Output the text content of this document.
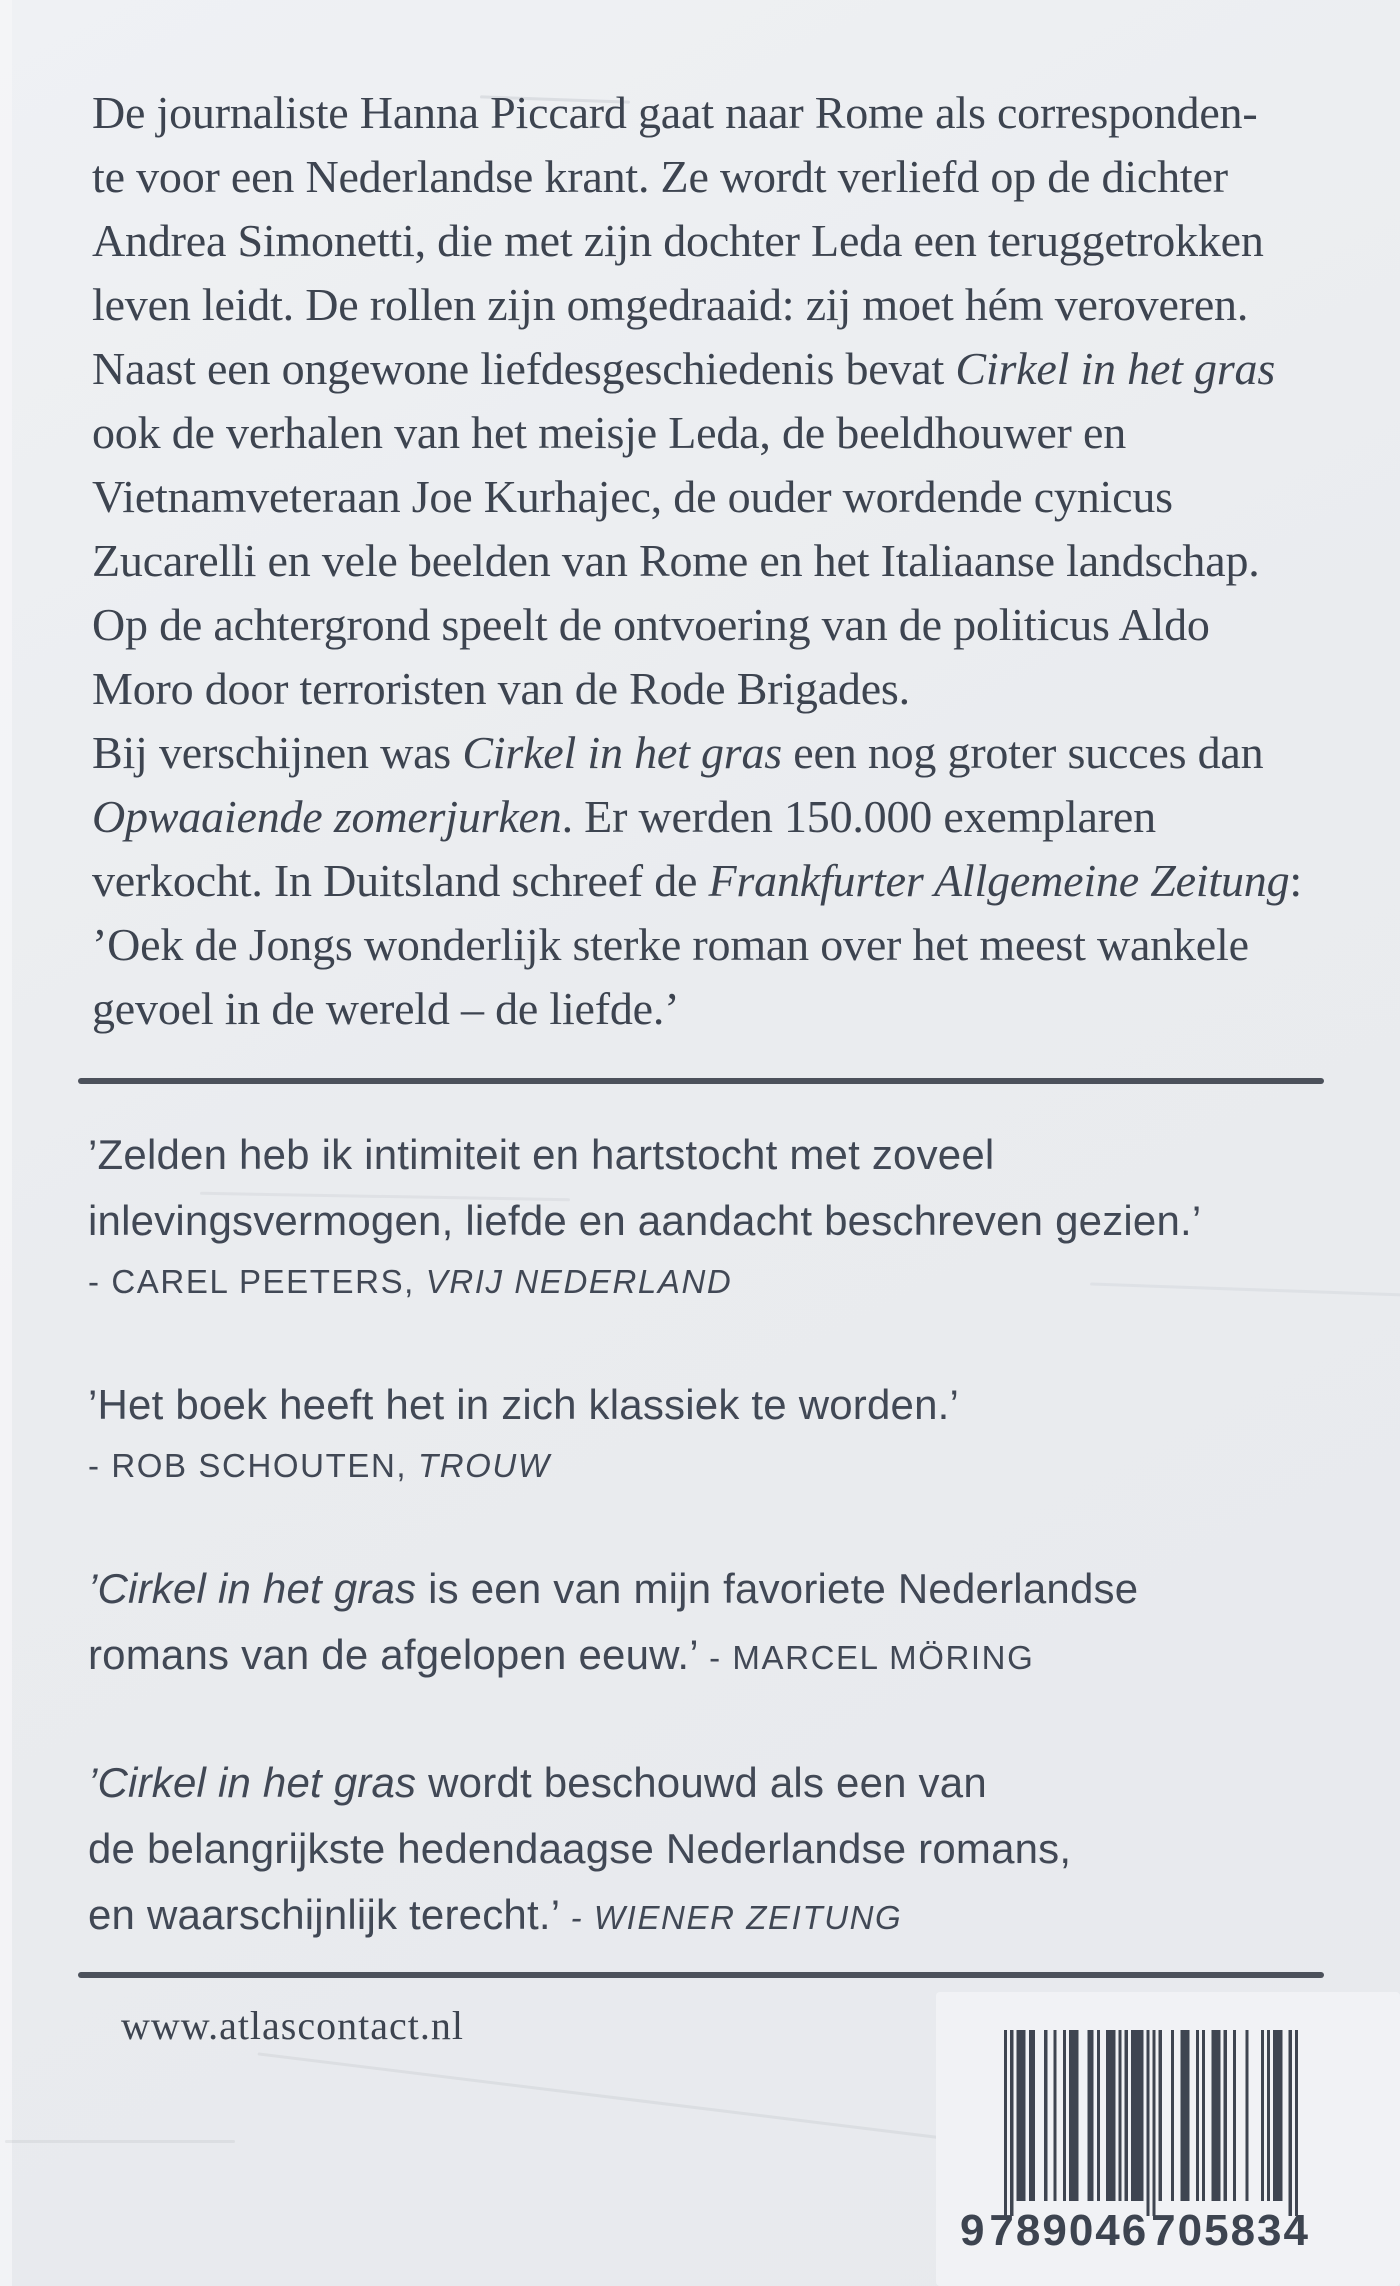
De journaliste Hanna Piccard gaat naar Rome als corresponden-
te voor een Nederlandse krant. Ze wordt verliefd op de dichter
Andrea Simonetti, die met zijn dochter Leda een teruggetrokken
leven leidt. De rollen zijn omgedraaid: zij moet hém veroveren.
Naast een ongewone liefdesgeschiedenis bevat Cirkel in het gras
ook de verhalen van het meisje Leda, de beeldhouwer en
Vietnamveteraan Joe Kurhajec, de ouder wordende cynicus
Zucarelli en vele beelden van Rome en het Italiaanse landschap.
Op de achtergrond speelt de ontvoering van de politicus Aldo
Moro door terroristen van de Rode Brigades.
Bij verschijnen was Cirkel in het gras een nog groter succes dan
Opwaaiende zomerjurken. Er werden 150.000 exemplaren
verkocht. In Duitsland schreef de Frankfurter Allgemeine Zeitung:
’Oek de Jongs wonderlijk sterke roman over het meest wankele
gevoel in de wereld – de liefde.’
’Zelden heb ik intimiteit en hartstocht met zoveel
inlevingsvermogen, liefde en aandacht beschreven gezien.’
- CAREL PEETERS, VRIJ NEDERLAND
’Het boek heeft het in zich klassiek te worden.’
- ROB SCHOUTEN, TROUW
’Cirkel in het gras is een van mijn favoriete Nederlandse
romans van de afgelopen eeuw.’ - MARCEL MÖRING
’Cirkel in het gras wordt beschouwd als een van
de belangrijkste hedendaagse Nederlandse romans,
en waarschijnlijk terecht.’ - WIENER ZEITUNG
www.atlascontact.nl
9 789046 705834
